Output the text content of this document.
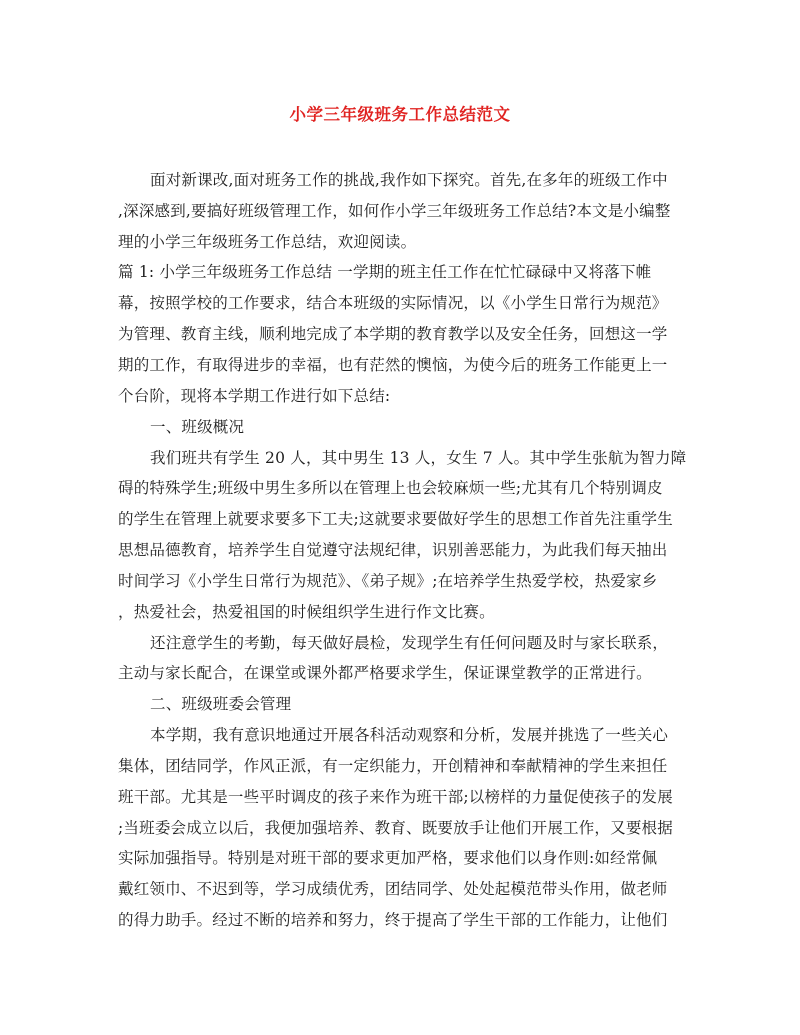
小学三年级班务工作总结范文
面对新课改,面对班务工作的挑战,我作如下探究。首先,在多年的班级工作中
,深深感到,要搞好班级管理工作，如何作小学三年级班务工作总结?本文是小编整
理的小学三年级班务工作总结，欢迎阅读。
篇 1: 小学三年级班务工作总结 一学期的班主任工作在忙忙碌碌中又将落下帷
幕，按照学校的工作要求，结合本班级的实际情况，以《小学生日常行为规范》
为管理、教育主线，顺利地完成了本学期的教育教学以及安全任务，回想这一学
期的工作，有取得进步的幸福，也有茫然的懊恼，为使今后的班务工作能更上一
个台阶，现将本学期工作进行如下总结:
一、班级概况
我们班共有学生 20 人，其中男生 13 人，女生 7 人。其中学生张航为智力障
碍的特殊学生;班级中男生多所以在管理上也会较麻烦一些;尤其有几个特别调皮
的学生在管理上就要求要多下工夫;这就要求要做好学生的思想工作首先注重学生
思想品德教育，培养学生自觉遵守法规纪律，识别善恶能力，为此我们每天抽出
时间学习《小学生日常行为规范》、《弟子规》;在培养学生热爱学校，热爱家乡
，热爱社会，热爱祖国的时候组织学生进行作文比赛。
还注意学生的考勤，每天做好晨检，发现学生有任何问题及时与家长联系，
主动与家长配合，在课堂或课外都严格要求学生，保证课堂教学的正常进行。
二、班级班委会管理
本学期，我有意识地通过开展各科活动观察和分析，发展并挑选了一些关心
集体，团结同学，作风正派，有一定织能力，开创精神和奉献精神的学生来担任
班干部。尤其是一些平时调皮的孩子来作为班干部;以榜样的力量促使孩子的发展
;当班委会成立以后，我便加强培养、教育、既要放手让他们开展工作，又要根据
实际加强指导。特别是对班干部的要求更加严格，要求他们以身作则:如经常佩
戴红领巾、不迟到等，学习成绩优秀，团结同学、处处起模范带头作用，做老师
的得力助手。经过不断的培养和努力，终于提高了学生干部的工作能力，让他们
